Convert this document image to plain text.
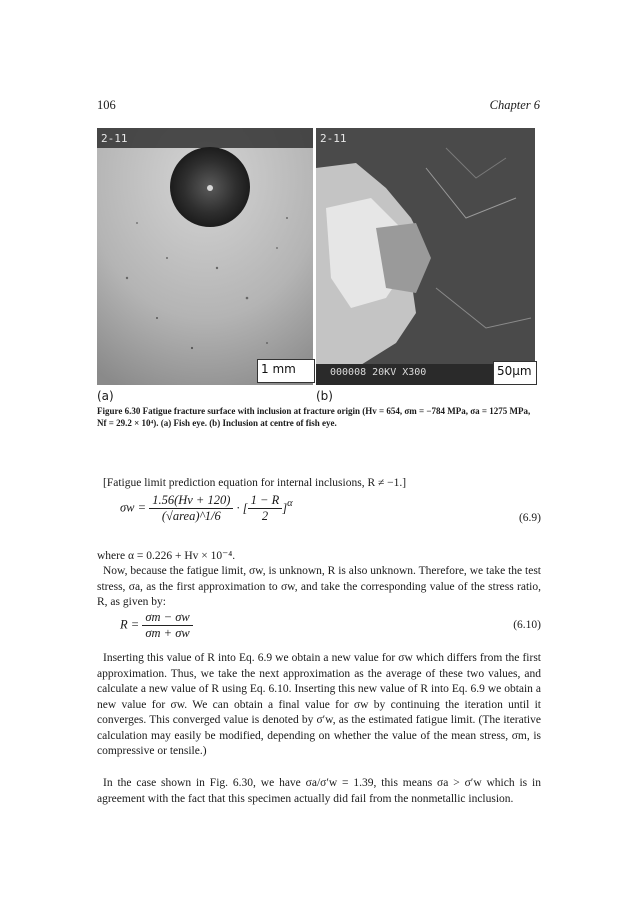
106	Chapter 6
2-11
1 mm
2-11
000008 20KV X300	50μm
(a)	(b)
Figure 6.30 Fatigue fracture surface with inclusion at fracture origin (Hv = 654, σm = −784 MPa, σa = 1275 MPa, Nf = 29.2 × 10⁴). (a) Fish eye. (b) Inclusion at centre of fish eye.
[Fatigue limit prediction equation for internal inclusions, R ≠ −1.]
$\sigma w = \frac{1.56(Hv + 120)}{\text{(√area)\textasciicircum{}1/6}}$ · [ $\frac{1 - R}{2} ]^\alpha$
(6.9)
where α = 0.226 + Hv × 10⁻⁴.
Now, because the fatigue limit, σw, is unknown, R is also unknown. Therefore, we take the test stress, σa, as the first approximation to σw, and take the corresponding value of the stress ratio, R, as given by:
$R = \frac{\sigma m - \sigma w}{\sigma m + \sigma w}$	(6.10)
Inserting this value of R into Eq. 6.9 we obtain a new value for σw which differs from the first approximation. Thus, we take the next approximation as the average of these two values, and calculate a new value of R using Eq. 6.10. Inserting this new value of R into Eq. 6.9 we obtain a new value for σw. We can obtain a final value for σw by continuing the iteration until it converges. This converged value is denoted by σ′w, as the estimated fatigue limit. (The iterative calculation may easily be modified, depending on whether the value of the mean stress, σm, is compressive or tensile.)
In the case shown in Fig. 6.30, we have σa/σ′w = 1.39, this means σa > σ′w which is in agreement with the fact that this specimen actually did fail from the nonmetallic inclusion.
